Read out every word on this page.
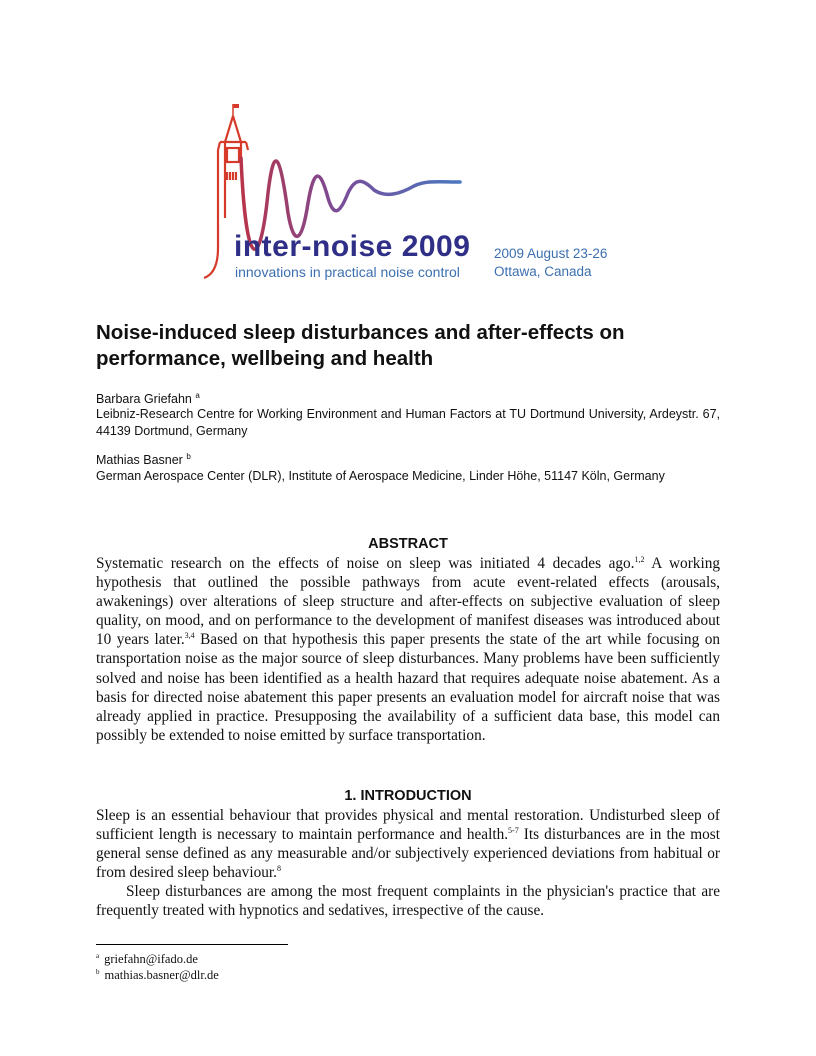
inter-noise 2009
innovations in practical noise control
2009 August 23-26
Ottawa, Canada
Noise-induced sleep disturbances and after-effects on performance, wellbeing and health
Barbara Griefahn $^a$
Leibniz-Research Centre for Working Environment and Human Factors at TU Dortmund University, Ardeystr. 67, 44139 Dortmund, Germany
Mathias Basner $^b$
German Aerospace Center (DLR), Institute of Aerospace Medicine, Linder Höhe, 51147 Köln, Germany
ABSTRACT

Systematic research on the effects of noise on sleep was initiated 4 decades ago.$^{1,2}$ A working hypothesis that outlined the possible pathways from acute event-related effects (arousals, awakenings) over alterations of sleep structure and after-effects on subjective evaluation of sleep quality, on mood, and on performance to the development of manifest diseases was introduced about 10 years later.$^{3,4}$ Based on that hypothesis this paper presents the state of the art while focusing on transportation noise as the major source of sleep disturbances. Many problems have been sufficiently solved and noise has been identified as a health hazard that requires adequate noise abatement. As a basis for directed noise abatement this paper presents an evaluation model for aircraft noise that was already applied in practice. Presupposing the availability of a sufficient data base, this model can possibly be extended to noise emitted by surface transportation.

1. INTRODUCTION

Sleep is an essential behaviour that provides physical and mental restoration. Undisturbed sleep of sufficient length is necessary to maintain performance and health.$^{5-7}$ Its disturbances are in the most general sense defined as any measurable and/or subjectively experienced deviations from habitual or from desired sleep behaviour.$^8$

Sleep disturbances are among the most frequent complaints in the physician's practice that are frequently treated with hypnotics and sedatives, irrespective of the cause.

$^a$ griefahn@ifado.de
$^b$ mathias.basner@dlr.de
